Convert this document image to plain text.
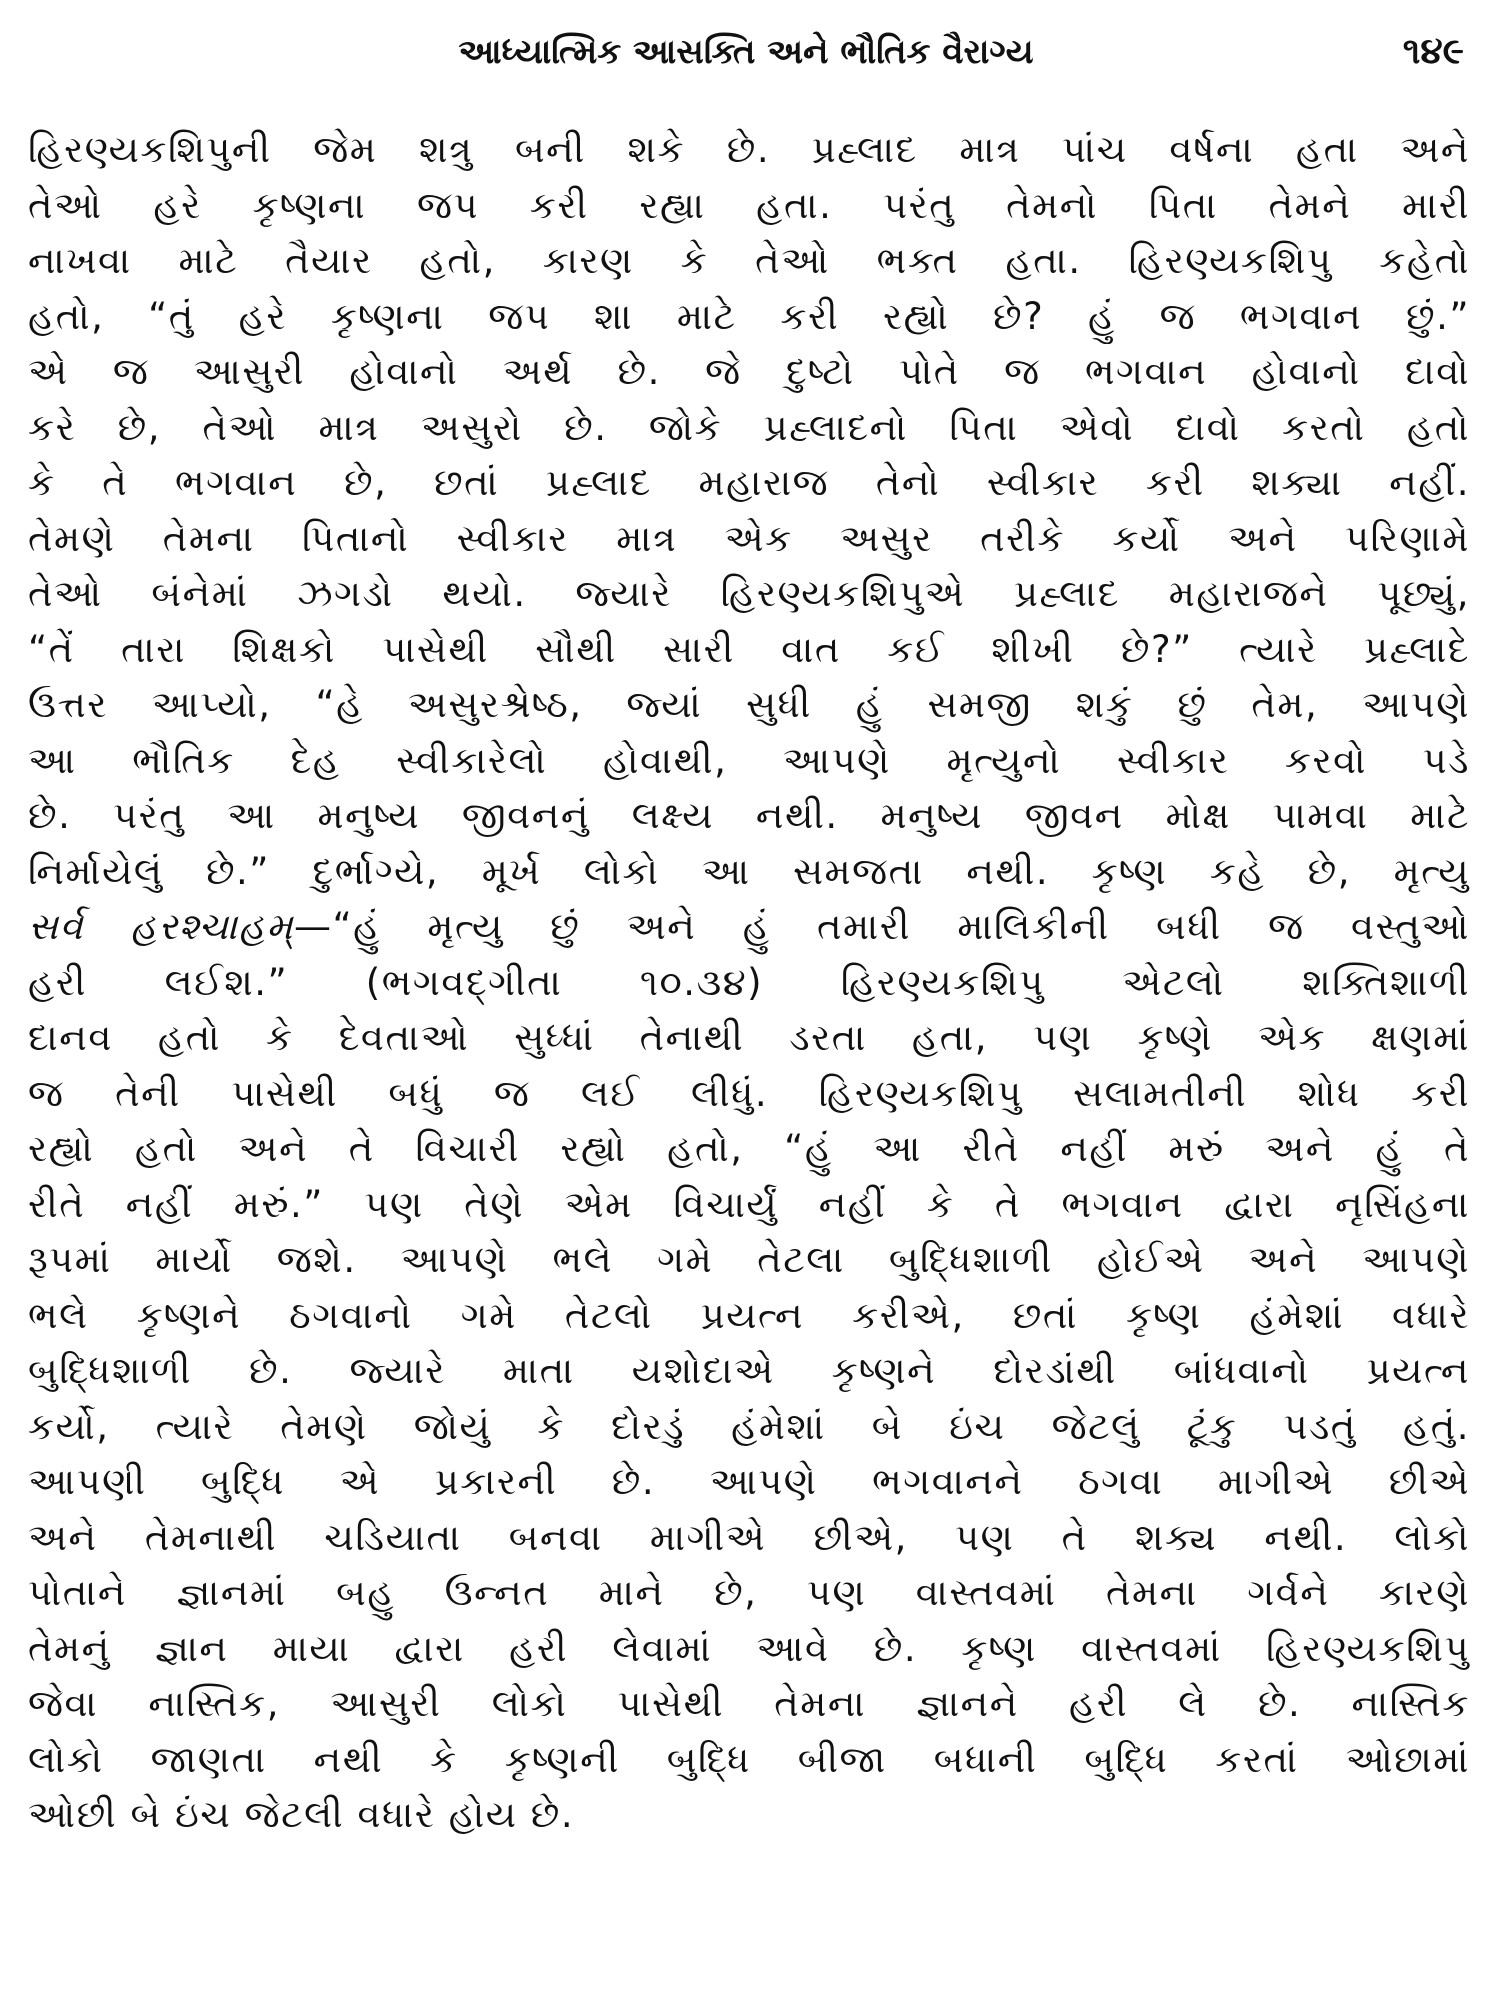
આધ્યાત્મિક આસક્તિ અને ભૌતિક વૈરાગ્ય	૧૪૯
હિરણ્યકશિપુની જેમ શત્રુ બની શકે છે. પ્રહ્લાદ માત્ર પાંચ વર્ષના હતા અને
તેઓ હરે કૃષ્ણના જપ કરી રહ્યા હતા. પરંતુ તેમનો પિતા તેમને મારી
નાખવા માટે તૈયાર હતો, કારણ કે તેઓ ભક્ત હતા. હિરણ્યકશિપુ કહેતો
હતો, “તું હરે કૃષ્ણના જપ શા માટે કરી રહ્યો છે? હું જ ભગવાન છું.”
એ જ આસુરી હોવાનો અર્થ છે. જે દુષ્ટો પોતે જ ભગવાન હોવાનો દાવો
કરે છે, તેઓ માત્ર અસુરો છે. જોકે પ્રહ્લાદનો પિતા એવો દાવો કરતો હતો
કે તે ભગવાન છે, છતાં પ્રહ્લાદ મહારાજ તેનો સ્વીકાર કરી શક્યા નહીં.
તેમણે તેમના પિતાનો સ્વીકાર માત્ર એક અસુર તરીકે કર્યો અને પરિણામે
તેઓ બંનેમાં ઝગડો થયો. જ્યારે હિરણ્યકશિપુએ પ્રહ્લાદ મહારાજને પૂછ્યું,
“તેં તારા શિક્ષકો પાસેથી સૌથી સારી વાત કઈ શીખી છે?” ત્યારે પ્રહ્લાદે
ઉત્તર આપ્યો, “હે અસુરશ્રેષ્ઠ, જ્યાં સુધી હું સમજી શકું છું તેમ, આપણે
આ ભૌતિક દેહ સ્વીકારેલો હોવાથી, આપણે મૃત્યુનો સ્વીકાર કરવો પડે
છે. પરંતુ આ મનુષ્ય જીવનનું લક્ષ્ય નથી. મનુષ્ય જીવન મોક્ષ પામવા માટે
નિર્માયેલું છે.” દુર્ભાગ્યે, મૂર્ખ લોકો આ સમજતા નથી. કૃષ્ણ કહે છે, મૃત્યુ
સર્વ હરશ્ચાહમ્—“હું મૃત્યુ છું અને હું તમારી માલિકીની બધી જ વસ્તુઓ
હરી લઈશ.” (ભગવદ્ગીતા ૧૦.૩૪) હિરણ્યકશિપુ એટલો શક્તિશાળી
દાનવ હતો કે દેવતાઓ સુધ્ધાં તેનાથી ડરતા હતા, પણ કૃષ્ણે એક ક્ષણમાં
જ તેની પાસેથી બધું જ લઈ લીધું. હિરણ્યકશિપુ સલામતીની શોધ કરી
રહ્યો હતો અને તે વિચારી રહ્યો હતો, “હું આ રીતે નહીં મરું અને હું તે
રીતે નહીં મરું.” પણ તેણે એમ વિચાર્યું નહીં કે તે ભગવાન દ્વારા નૃસિંહના
રૂપમાં માર્યો જશે. આપણે ભલે ગમે તેટલા બુદ્ધિશાળી હોઈએ અને આપણે
ભલે કૃષ્ણને ઠગવાનો ગમે તેટલો પ્રયત્ન કરીએ, છતાં કૃષ્ણ હંમેશાં વધારે
બુદ્ધિશાળી છે. જ્યારે માતા યશોદાએ કૃષ્ણને દોરડાંથી બાંધવાનો પ્રયત્ન
કર્યો, ત્યારે તેમણે જોયું કે દોરડું હંમેશાં બે ઇંચ જેટલું ટૂંકુ પડતું હતું.
આપણી બુદ્ધિ એ પ્રકારની છે. આપણે ભગવાનને ઠગવા માગીએ છીએ
અને તેમનાથી ચડિયાતા બનવા માગીએ છીએ, પણ તે શક્ય નથી. લોકો
પોતાને જ્ઞાનમાં બહુ ઉન્નત માને છે, પણ વાસ્તવમાં તેમના ગર્વને કારણે
તેમનું જ્ઞાન માયા દ્વારા હરી લેવામાં આવે છે. કૃષ્ણ વાસ્તવમાં હિરણ્યકશિપુ
જેવા નાસ્તિક, આસુરી લોકો પાસેથી તેમના જ્ઞાનને હરી લે છે. નાસ્તિક
લોકો જાણતા નથી કે કૃષ્ણની બુદ્ધિ બીજા બધાની બુદ્ધિ કરતાં ઓછામાં
ઓછી બે ઇંચ જેટલી વધારે હોય છે.
